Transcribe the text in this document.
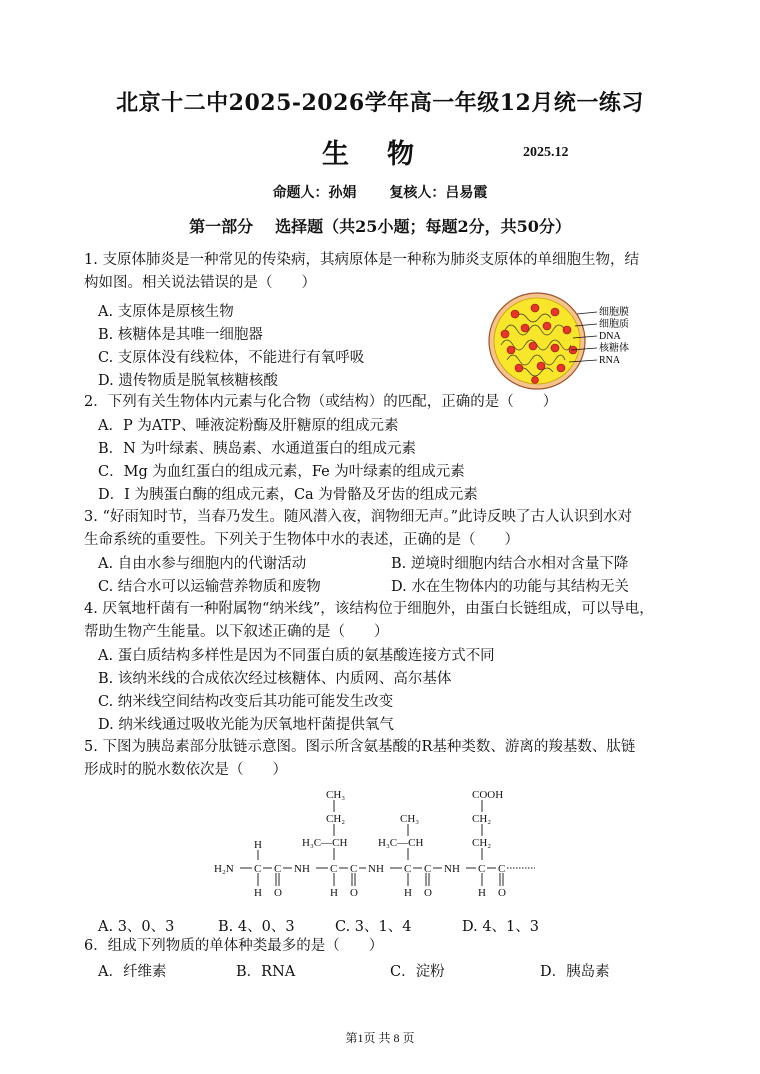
北京十二中2025-2026学年高一年级12月统一练习
生物	2025.12
命题人：孙娟 复核人：吕易霞
第一部分 选择题（共25小题；每题2分，共50分）
1. 支原体肺炎是一种常见的传染病，其病原体是一种称为肺炎支原体的单细胞生物，结
构如图。相关说法错误的是（　　）
A. 支原体是原核生物
B. 核糖体是其唯一细胞器
C. 支原体没有线粒体，不能进行有氧呼吸
D. 遗传物质是脱氧核糖核酸
细胞膜
细胞质
DNA
核糖体
RNA
2．下列有关生物体内元素与化合物（或结构）的匹配，正确的是（　　）
A．P 为ATP、唾液淀粉酶及肝糖原的组成元素
B．N 为叶绿素、胰岛素、水通道蛋白的组成元素
C．Mg 为血红蛋白的组成元素，Fe 为叶绿素的组成元素
D．I 为胰蛋白酶的组成元素，Ca 为骨骼及牙齿的组成元素
3. “好雨知时节，当春乃发生。随风潜入夜，润物细无声。”此诗反映了古人认识到水对
生命系统的重要性。下列关于生物体中水的表述，正确的是（　　）
A. 自由水参与细胞内的代谢活动	B. 逆境时细胞内结合水相对含量下降
C. 结合水可以运输营养物质和废物	D. 水在生物体内的功能与其结构无关
4. 厌氧地杆菌有一种附属物“纳米线”，该结构位于细胞外，由蛋白长链组成，可以导电，
帮助生物产生能量。以下叙述正确的是（　　）
A. 蛋白质结构多样性是因为不同蛋白质的氨基酸连接方式不同
B. 该纳米线的合成依次经过核糖体、内质网、高尔基体
C. 纳米线空间结构改变后其功能可能发生改变
D. 纳米线通过吸收光能为厌氧地杆菌提供氧气
5. 下图为胰岛素部分肽链示意图。图示所含氨基酸的R基种类数、游离的羧基数、肽链
形成时的脱水数依次是（　　）
H₂N C
H
H
C
O
NH C
H
C
O
NH C
H
C
O
NH C
H
C
O
CH₃
CH₂
H₃C—CH
CH₃
H₃C—CH
COOH
CH₂
CH₂
A. 3、0、3	B. 4、0、3	C. 3、1、4	D. 4、1、3
6．组成下列物质的单体种类最多的是（　　）
A．纤维素	B．RNA	C．淀粉	D．胰岛素
第1页 共 8 页
